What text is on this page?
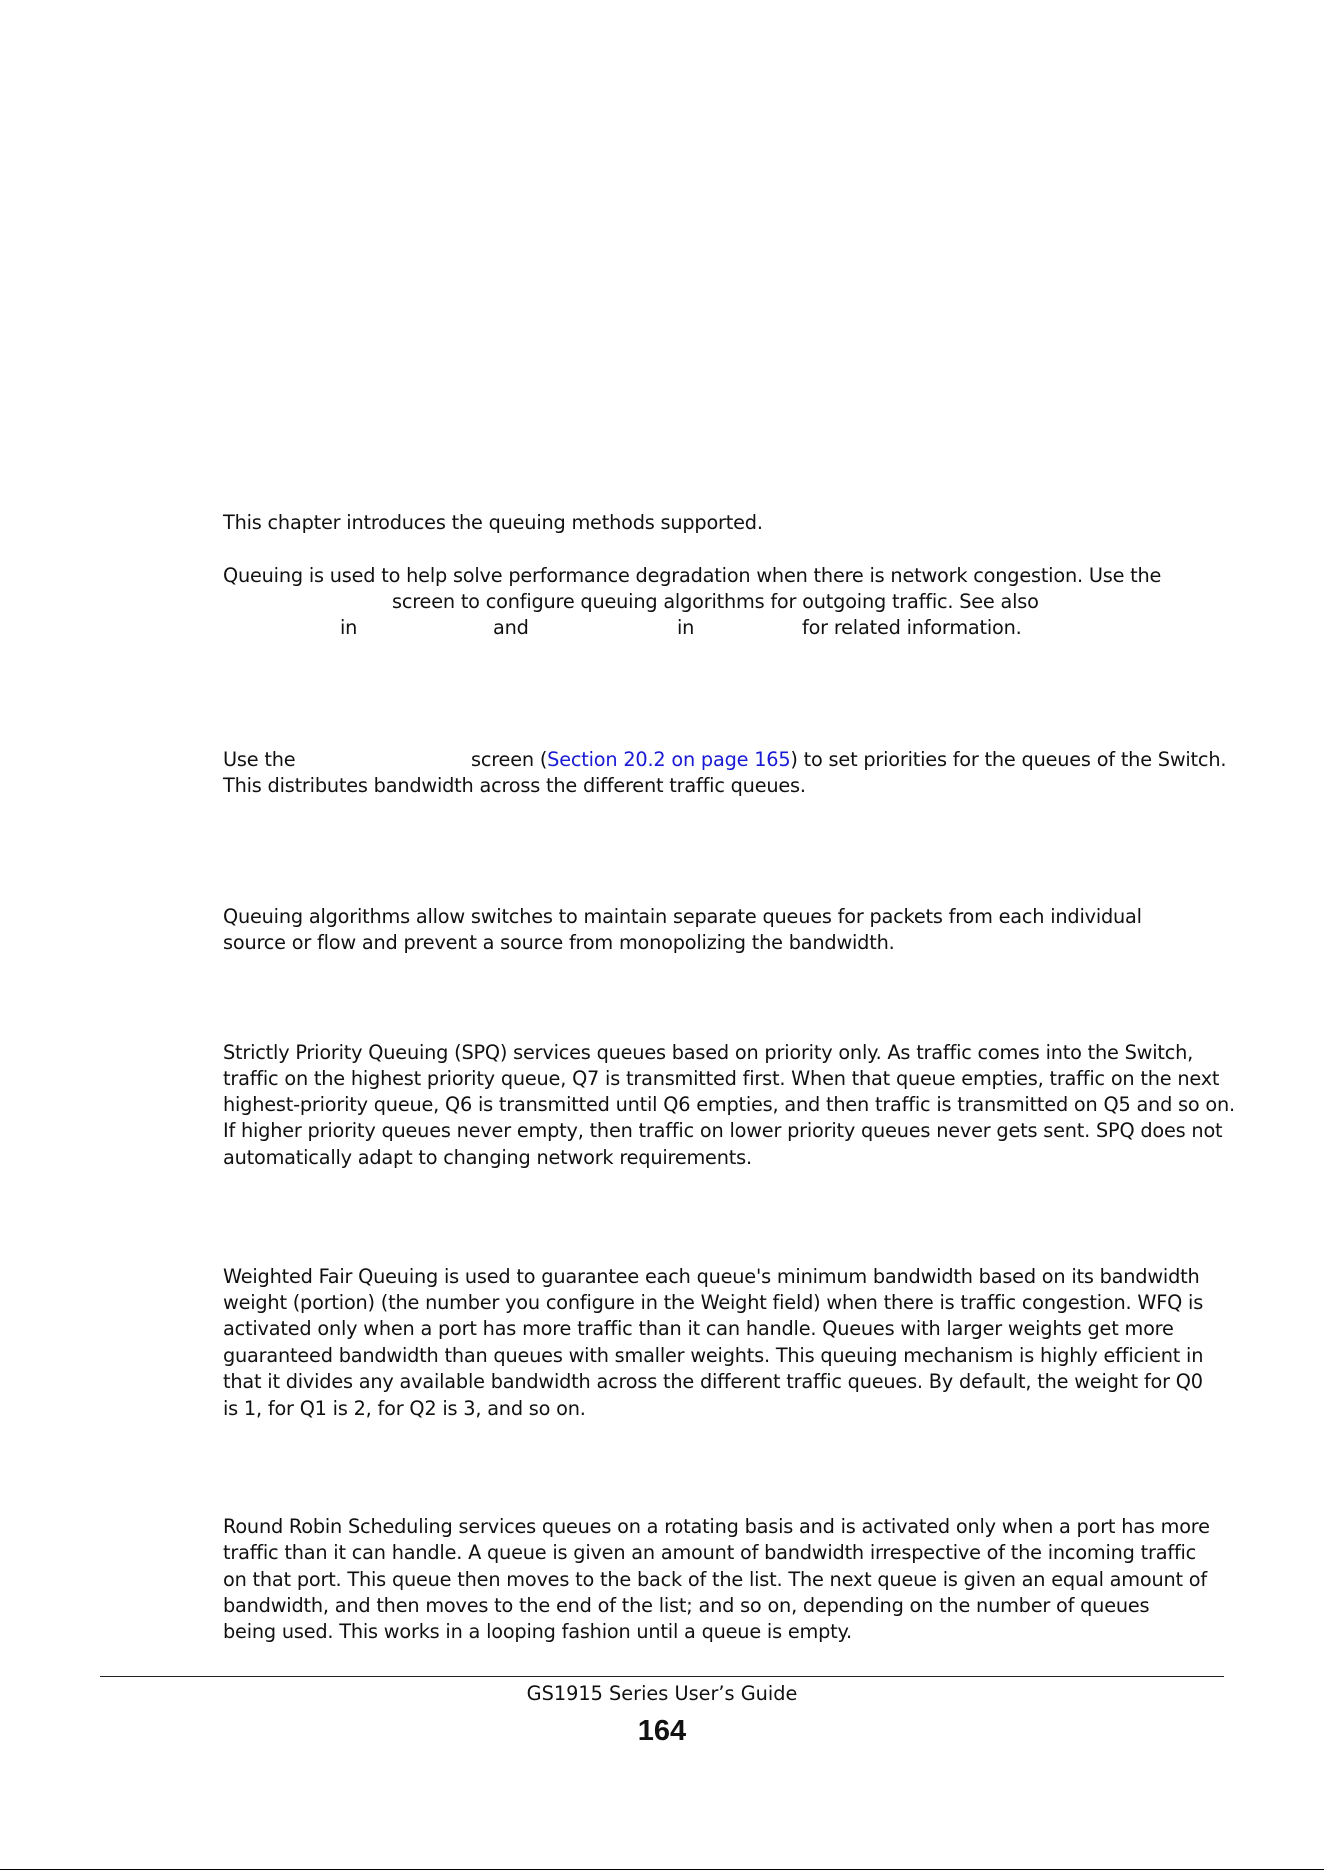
This chapter introduces the queuing methods supported.

Queuing is used to help solve performance degradation when there is network congestion. Use the

screen to configure queuing algorithms for outgoing traffic. See also

in	and	in	for related information.

Use the	screen (Section 20.2 on page 165) to set priorities for the queues of the Switch.

This distributes bandwidth across the different traffic queues.

Queuing algorithms allow switches to maintain separate queues for packets from each individual

source or flow and prevent a source from monopolizing the bandwidth.

Strictly Priority Queuing (SPQ) services queues based on priority only. As traffic comes into the Switch,

traffic on the highest priority queue, Q7 is transmitted first. When that queue empties, traffic on the next

highest-priority queue, Q6 is transmitted until Q6 empties, and then traffic is transmitted on Q5 and so on.

If higher priority queues never empty, then traffic on lower priority queues never gets sent. SPQ does not

automatically adapt to changing network requirements.

Weighted Fair Queuing is used to guarantee each queue's minimum bandwidth based on its bandwidth

weight (portion) (the number you configure in the Weight field) when there is traffic congestion. WFQ is

activated only when a port has more traffic than it can handle. Queues with larger weights get more

guaranteed bandwidth than queues with smaller weights. This queuing mechanism is highly efficient in

that it divides any available bandwidth across the different traffic queues. By default, the weight for Q0

is 1, for Q1 is 2, for Q2 is 3, and so on.

Round Robin Scheduling services queues on a rotating basis and is activated only when a port has more

traffic than it can handle. A queue is given an amount of bandwidth irrespective of the incoming traffic

on that port. This queue then moves to the back of the list. The next queue is given an equal amount of

bandwidth, and then moves to the end of the list; and so on, depending on the number of queues

being used. This works in a looping fashion until a queue is empty.

GS1915 Series User’s Guide
164
